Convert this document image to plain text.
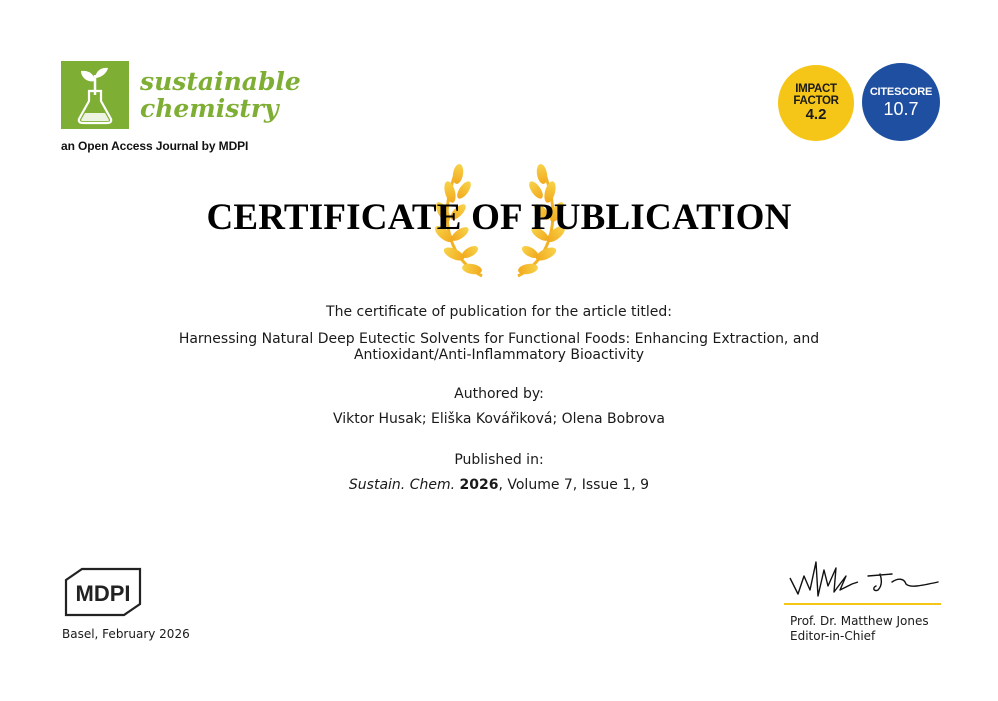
sustainable
chemistry
an Open Access Journal by MDPI
IMPACT
FACTOR
4.2
CITESCORE
10.7
CERTIFICATE OF PUBLICATION
The certificate of publication for the article titled:
Harnessing Natural Deep Eutectic Solvents for Functional Foods: Enhancing Extraction, and
Antioxidant/Anti-Inflammatory Bioactivity
Authored by:
Viktor Husak; Eliška Kovářiková; Olena Bobrova
Published in:
Sustain. Chem. 2026, Volume 7, Issue 1, 9
MDPI
Basel, February 2026
Prof. Dr. Matthew Jones
Editor-in-Chief
